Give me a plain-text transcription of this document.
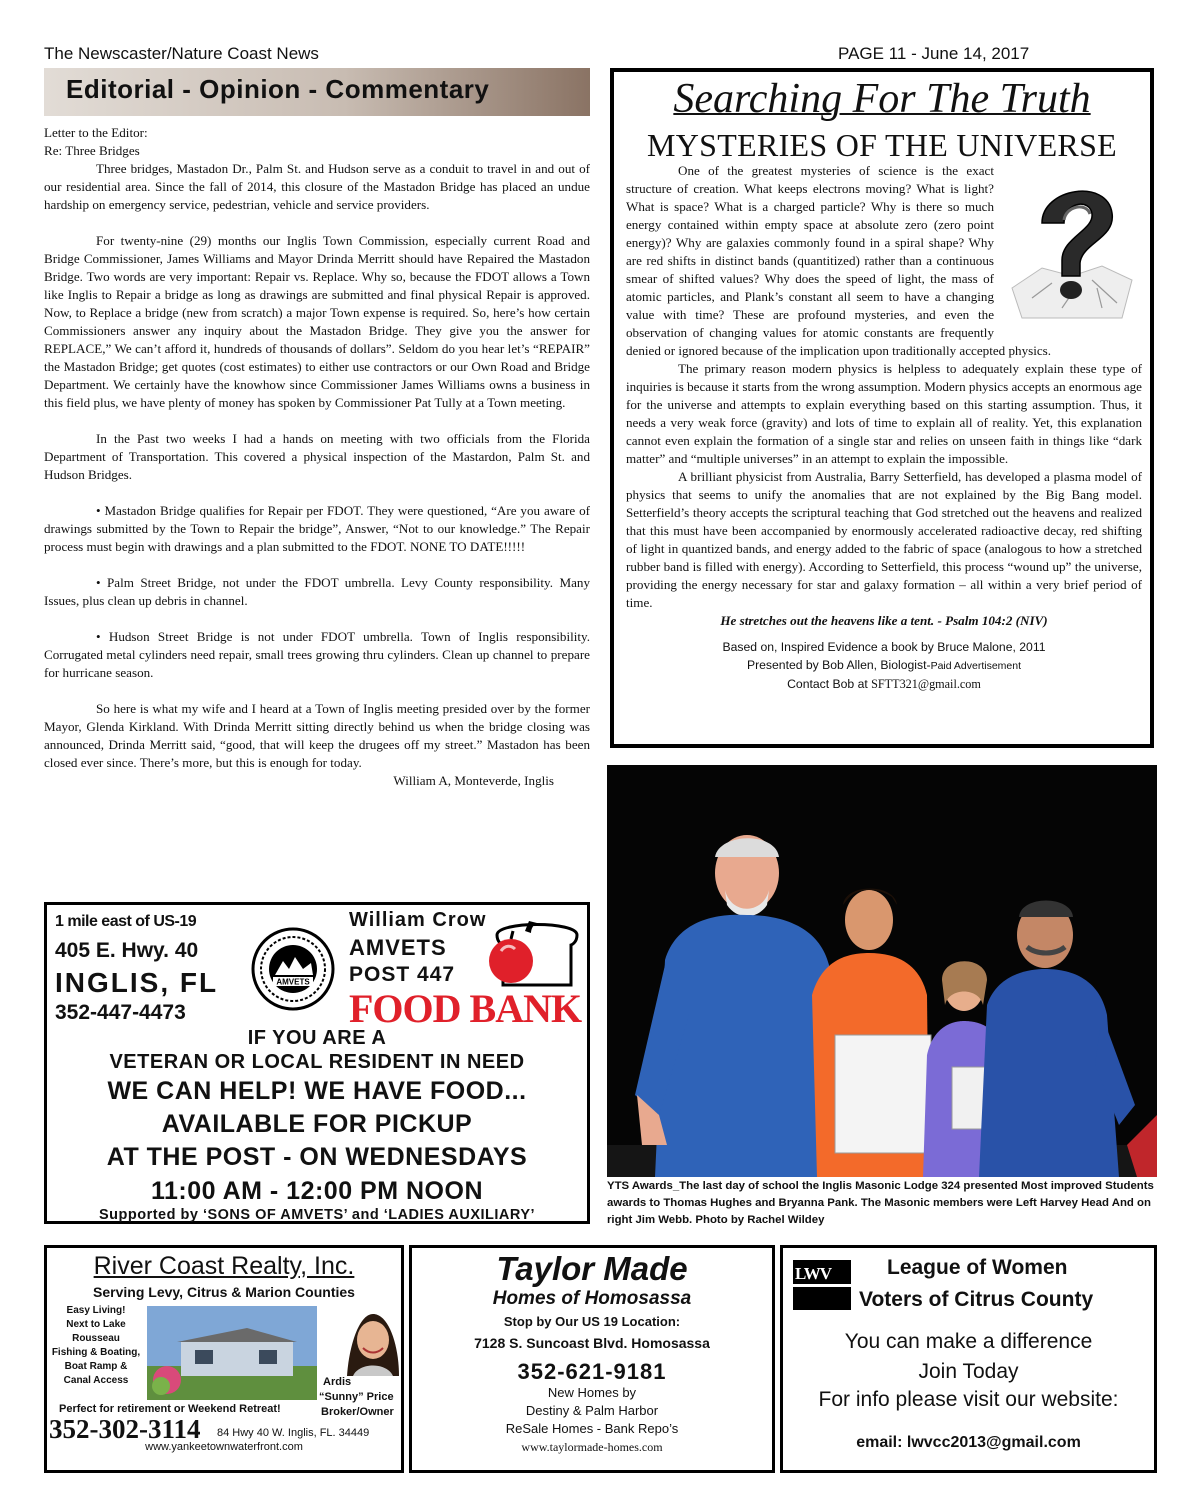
The Newscaster/Nature Coast News	PAGE 11 - June 14, 2017
Editorial - Opinion - Commentary

Letter to the Editor:

Re: Three Bridges

Three bridges, Mastadon Dr., Palm St. and Hudson serve as a conduit to travel in and out of our residential area. Since the fall of 2014, this closure of the Mastadon Bridge has placed an undue hardship on emergency service, pedestrian, vehicle and service providers.

For twenty-nine (29) months our Inglis Town Commission, especially current Road and Bridge Commissioner, James Williams and Mayor Drinda Merritt should have Repaired the Mastadon Bridge. Two words are very important: Repair vs. Replace. Why so, because the FDOT allows a Town like Inglis to Repair a bridge as long as drawings are submitted and final physical Repair is approved. Now, to Replace a bridge (new from scratch) a major Town expense is required. So, here’s how certain Commissioners answer any inquiry about the Mastadon Bridge. They give you the answer for REPLACE,” We can’t afford it, hundreds of thousands of dollars”. Seldom do you hear let’s “REPAIR” the Mastadon Bridge; get quotes (cost estimates) to either use contractors or our Own Road and Bridge Department. We certainly have the knowhow since Commissioner James Williams owns a business in this field plus, we have plenty of money has spoken by Commissioner Pat Tully at a Town meeting.

In the Past two weeks I had a hands on meeting with two officials from the Florida Department of Transportation. This covered a physical inspection of the Mastardon, Palm St. and Hudson Bridges.

• Mastadon Bridge qualifies for Repair per FDOT. They were questioned, “Are you aware of drawings submitted by the Town to Repair the bridge”, Answer, “Not to our knowledge.” The Repair process must begin with drawings and a plan submitted to the FDOT. NONE TO DATE!!!!!

• Palm Street Bridge, not under the FDOT umbrella. Levy County responsibility. Many Issues, plus clean up debris in channel.

• Hudson Street Bridge is not under FDOT umbrella. Town of Inglis responsibility. Corrugated metal cylinders need repair, small trees growing thru cylinders. Clean up channel to prepare for hurricane season.

So here is what my wife and I heard at a Town of Inglis meeting presided over by the former Mayor, Glenda Kirkland. With Drinda Merritt sitting directly behind us when the bridge closing was announced, Drinda Merritt said, “good, that will keep the drugees off my street.” Mastadon has been closed ever since. There’s more, but this is enough for today.

William A, Monteverde, Inglis

Searching For The Truth
MYSTERIES OF THE UNIVERSE

One of the greatest mysteries of science is the exact structure of creation. What keeps electrons moving? What is light? What is space? What is a charged particle? Why is there so much energy contained within empty space at absolute zero (zero point energy)? Why are galaxies commonly found in a spiral shape? Why are red shifts in distinct bands (quantitized) rather than a continuous smear of shifted values? Why does the speed of light, the mass of atomic particles, and Plank’s constant all seem to have a changing value with time? These are profound mysteries, and even the observation of changing values for atomic constants are frequently denied or ignored because of the implication upon traditionally accepted physics.

The primary reason modern physics is helpless to adequately explain these type of inquiries is because it starts from the wrong assumption. Modern physics accepts an enormous age for the universe and attempts to explain everything based on this starting assumption. Thus, it needs a very weak force (gravity) and lots of time to explain all of reality. Yet, this explanation cannot even explain the formation of a single star and relies on unseen faith in things like “dark matter” and “multiple universes” in an attempt to explain the impossible.

A brilliant physicist from Australia, Barry Setterfield, has developed a plasma model of physics that seems to unify the anomalies that are not explained by the Big Bang model. Setterfield’s theory accepts the scriptural teaching that God stretched out the heavens and realized that this must have been accompanied by enormously accelerated radioactive decay, red shifting of light in quantized bands, and energy added to the fabric of space (analogous to how a stretched rubber band is filled with energy). According to Setterfield, this process “wound up” the universe, providing the energy necessary for star and galaxy formation – all within a very brief period of time.

He stretches out the heavens like a tent. - Psalm 104:2 (NIV)

Based on, Inspired Evidence a book by Bruce Malone, 2011

Presented by Bob Allen, Biologist-Paid Advertisement

Contact Bob at SFTT321@gmail.com

YTS Awards_The last day of school the Inglis Masonic Lodge 324 presented Most improved Students awards to Thomas Hughes and Bryanna Pank. The Masonic members were Left Harvey Head And on right Jim Webb. Photo by Rachel Wildey
1 mile east of US-19
405 E. Hwy. 40
INGLIS, FL
352-447-4473
AMVETS
William Crow
AMVETS
POST 447
FOOD BANK
IF YOU ARE A
VETERAN OR LOCAL RESIDENT IN NEED
WE CAN HELP! WE HAVE FOOD...
AVAILABLE FOR PICKUP
AT THE POST - ON WEDNESDAYS
11:00 AM - 12:00 PM NOON
Supported by ‘SONS OF AMVETS’ and ‘LADIES AUXILIARY’
River Coast Realty, Inc.
Serving Levy, Citrus & Marion Counties
Easy Living!
Next to Lake
Rousseau
Fishing & Boating,
Boat Ramp &
Canal Access	Ardis
“Sunny” Price
Broker/Owner
Perfect for retirement or Weekend Retreat!
352-302-3114 84 Hwy 40 W. Inglis, FL. 34449
www.yankeetownwaterfront.com
Taylor Made
Homes of Homosassa
Stop by Our US 19 Location:
7128 S. Suncoast Blvd. Homosassa
352-621-9181
New Homes by
Destiny & Palm Harbor
ReSale Homes - Bank Repo’s
www.taylormade-homes.com
LWV	League of Women
Voters of Citrus County
You can make a difference
Join Today
For info please visit our website:
email: lwvcc2013@gmail.com
